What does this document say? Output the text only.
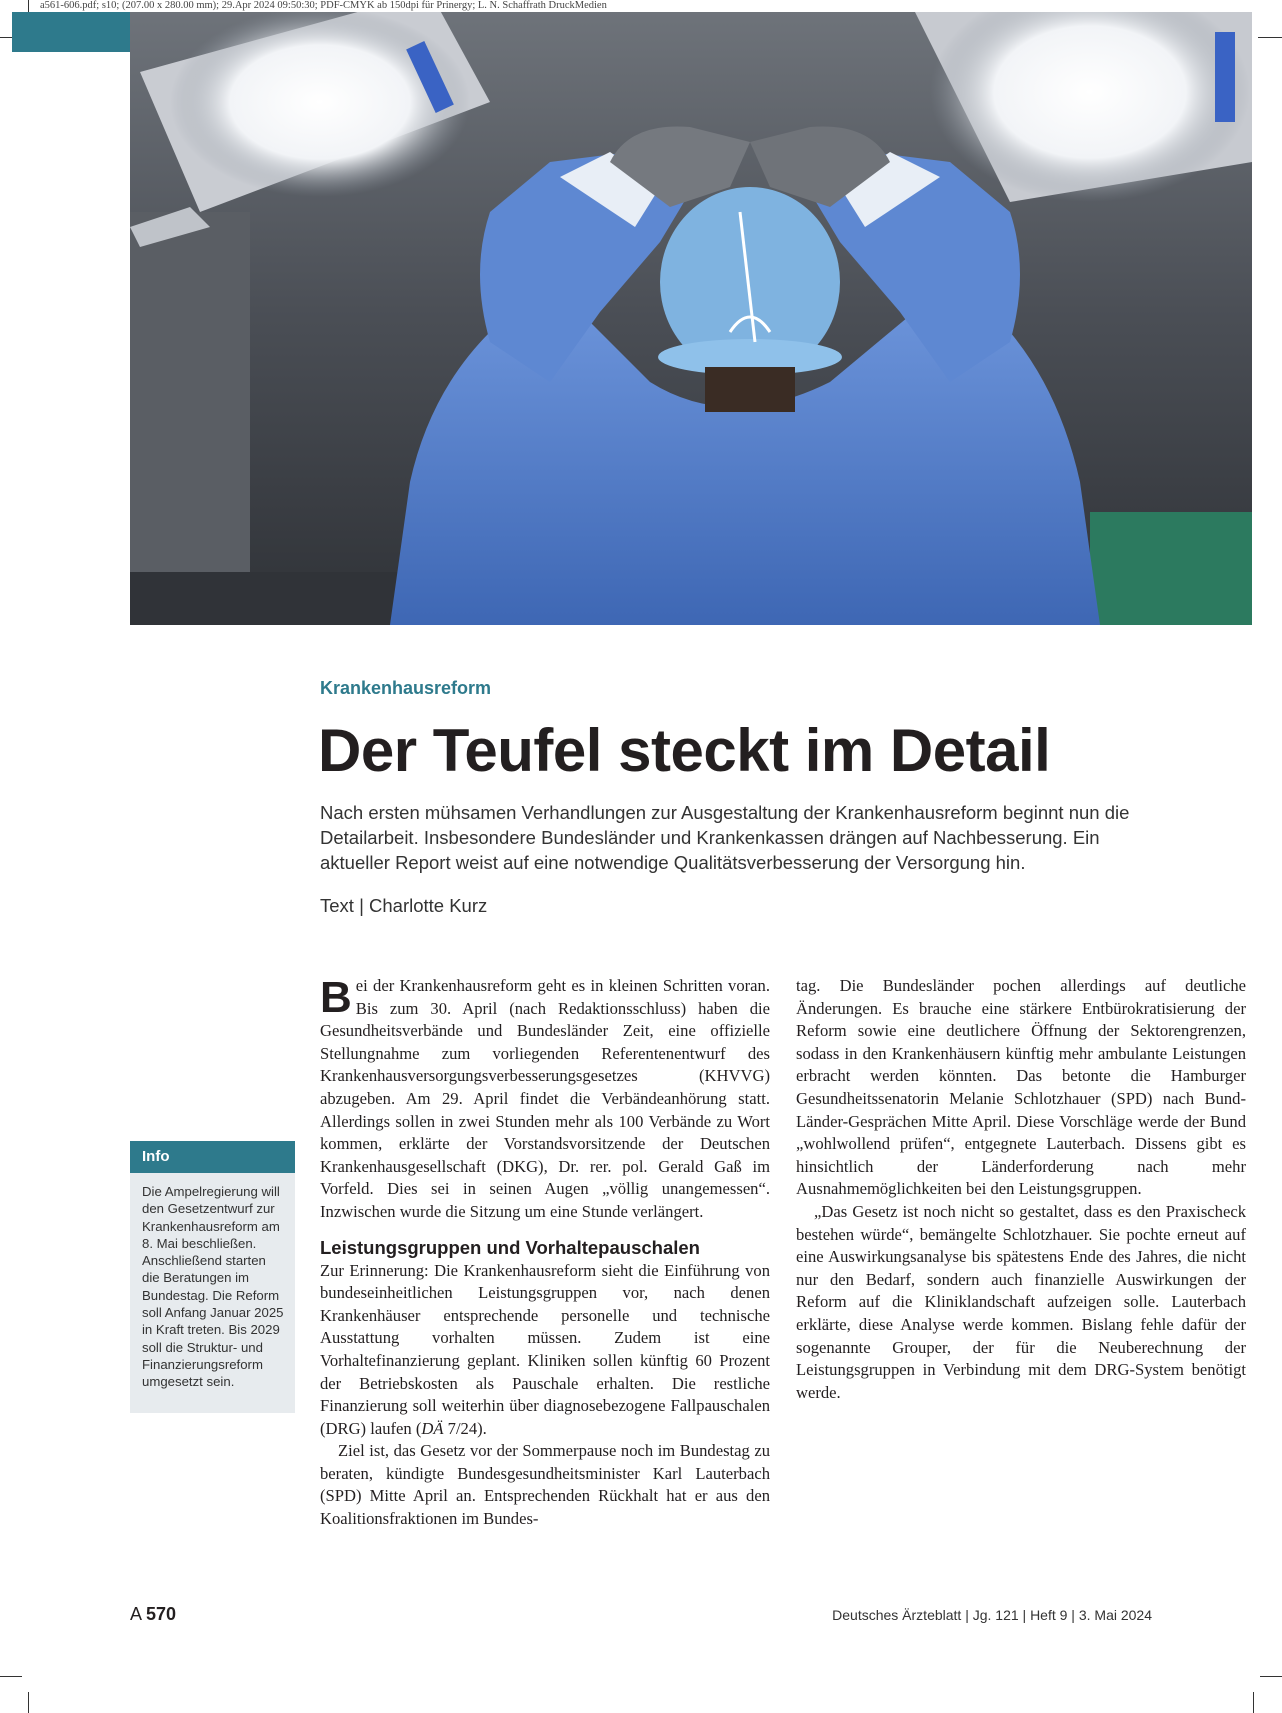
a561-606.pdf; s10; (207.00 x 280.00 mm); 29.Apr 2024 09:50:30; PDF-CMYK ab 150dpi für Prinergy; L. N. Schaffrath DruckMedien
Krankenhausreform
Der Teufel steckt im Detail

Nach ersten mühsamen Verhandlungen zur Ausgestaltung der Krankenhausreform beginnt nun die Detailarbeit. Insbesondere Bundesländer und Krankenkassen drängen auf Nachbesserung. Ein aktueller Report weist auf eine notwendige Qualitätsverbesserung der Versorgung hin.

Text | Charlotte Kurz

Bei der Krankenhausreform geht es in kleinen Schritten voran. Bis zum 30. April (nach Redaktionsschluss) haben die Gesundheitsverbände und Bundesländer Zeit, eine offizielle Stellungnahme zum vorliegenden Referentenentwurf des Krankenhausversorgungsverbesserungsgesetzes (KHVVG) abzugeben. Am 29. April findet die Verbändeanhörung statt. Allerdings sollen in zwei Stunden mehr als 100 Verbände zu Wort kommen, erklärte der Vorstandsvorsitzende der Deutschen Krankenhausgesellschaft (DKG), Dr. rer. pol. Gerald Gaß im Vorfeld. Dies sei in seinen Augen „völlig unangemessen“. Inzwischen wurde die Sitzung um eine Stunde verlängert.

Leistungsgruppen und Vorhaltepauschalen

Zur Erinnerung: Die Krankenhausreform sieht die Einführung von bundeseinheitlichen Leistungsgruppen vor, nach denen Krankenhäuser entsprechende personelle und technische Ausstattung vorhalten müssen. Zudem ist eine Vorhaltefinanzierung geplant. Kliniken sollen künftig 60 Prozent der Betriebskosten als Pauschale erhalten. Die restliche Finanzierung soll weiterhin über diagnosebezogene Fallpauschalen (DRG) laufen (DÄ 7/24).

Ziel ist, das Gesetz vor der Sommerpause noch im Bundestag zu beraten, kündigte Bundesgesundheitsminister Karl Lauterbach (SPD) Mitte April an. Entsprechenden Rückhalt hat er aus den Koalitionsfraktionen im Bundes-

tag. Die Bundesländer pochen allerdings auf deutliche Änderungen. Es brauche eine stärkere Entbürokratisierung der Reform sowie eine deutlichere Öffnung der Sektorengrenzen, sodass in den Krankenhäusern künftig mehr ambulante Leistungen erbracht werden könnten. Das betonte die Hamburger Gesundheitssenatorin Melanie Schlotzhauer (SPD) nach Bund-Länder-Gesprächen Mitte April. Diese Vorschläge werde der Bund „wohlwollend prüfen“, entgegnete Lauterbach. Dissens gibt es hinsichtlich der Länderforderung nach mehr Ausnahmemöglichkeiten bei den Leistungsgruppen.

„Das Gesetz ist noch nicht so gestaltet, dass es den Praxischeck bestehen würde“, bemängelte Schlotzhauer. Sie pochte erneut auf eine Auswirkungsanalyse bis spätestens Ende des Jahres, die nicht nur den Bedarf, sondern auch finanzielle Auswirkungen der Reform auf die Kliniklandschaft aufzeigen solle. Lauterbach erklärte, diese Analyse werde kommen. Bislang fehle dafür der sogenannte Grouper, der für die Neuberechnung der Leistungsgruppen in Verbindung mit dem DRG-System benötigt werde.

Info
Die Ampelregierung will den Gesetzentwurf zur Krankenhausreform am 8. Mai beschließen. Anschließend starten die Beratungen im Bundestag. Die Reform soll Anfang Januar 2025 in Kraft treten. Bis 2029 soll die Struktur- und Finanzierungsreform umgesetzt sein.
A 570	Deutsches Ärzteblatt | Jg. 121 | Heft 9 | 3. Mai 2024
